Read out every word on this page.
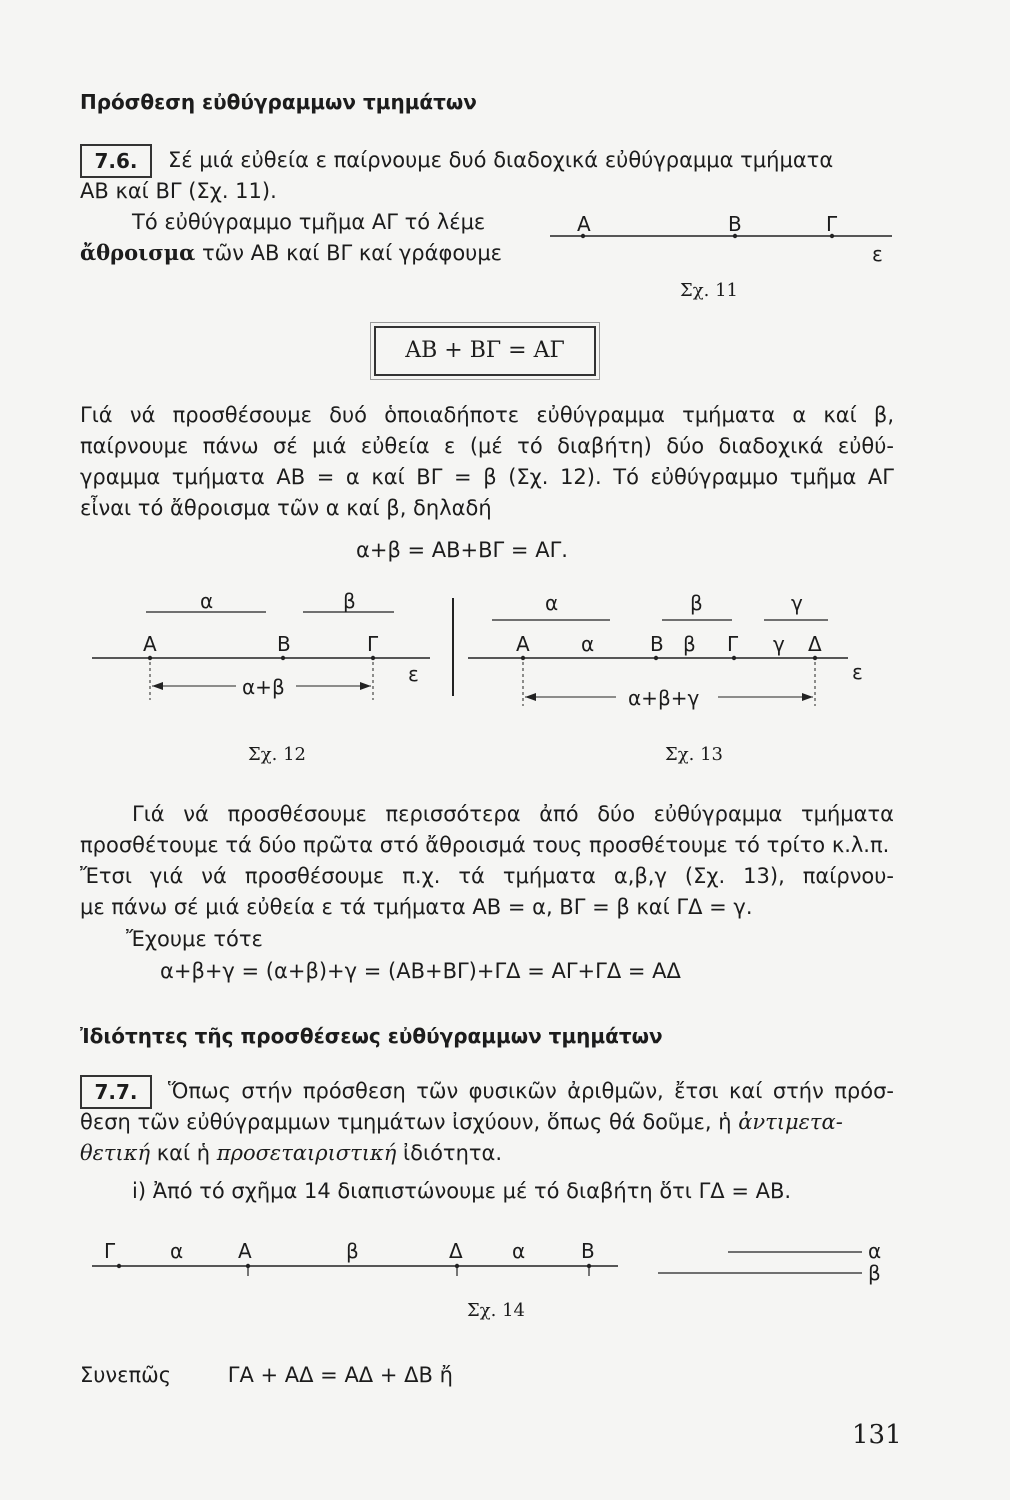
Πρόσθεση εὐθύγραμμων τμημάτων
7.6.	Σέ μιά εὐθεία ε παίρνουμε δυό διαδοχικά εὐθύγραμμα τμήματα
ΑΒ καί ΒΓ (Σχ. 11).
Τό εὐθύγραμμο τμῆμα ΑΓ τό λέμε
ἄθροισμα τῶν ΑΒ καί ΒΓ καί γράφουμε
Α	Β	Γ
ε
Σχ. 11
ΑΒ + ΒΓ = ΑΓ
Γιά νά προσθέσουμε δυό ὁποιαδήποτε εὐθύγραμμα τμήματα α καί β,
παίρνουμε πάνω σέ μιά εὐθεία ε (μέ τό διαβήτη) δύο διαδοχικά εὐθύ-
γραμμα τμήματα ΑΒ = α καί ΒΓ = β (Σχ. 12). Τό εὐθύγραμμο τμῆμα ΑΓ
εἶναι τό ἄθροισμα τῶν α καί β, δηλαδή
α+β = ΑΒ+ΒΓ = ΑΓ.
α	β
Α	Β	Γ
ε
α+β
Σχ. 12
α	β	γ
Α	α	Β β Γ γ Δ
ε
α+β+γ
Σχ. 13
Γιά νά προσθέσουμε περισσότερα ἀπό δύο εὐθύγραμμα τμήματα
προσθέτουμε τά δύο πρῶτα στό ἄθροισμά τους προσθέτουμε τό τρίτο κ.λ.π.
Ἔτσι γιά νά προσθέσουμε π.χ. τά τμήματα α,β,γ (Σχ. 13), παίρνου-
με πάνω σέ μιά εὐθεία ε τά τμήματα ΑΒ = α, ΒΓ = β καί ΓΔ = γ.
Ἔχουμε τότε
α+β+γ = (α+β)+γ = (ΑΒ+ΒΓ)+ΓΔ = ΑΓ+ΓΔ = ΑΔ
Ἰδιότητες τῆς προσθέσεως εὐθύγραμμων τμημάτων
7.7.	Ὅπως στήν πρόσθεση τῶν φυσικῶν ἀριθμῶν, ἔτσι καί στήν πρόσ-
θεση τῶν εὐθύγραμμων τμημάτων ἰσχύουν, ὅπως θά δοῦμε, ἡ ἀντιμετα-
θετική καί ἡ προσεταιριστική ἰδιότητα.
i) Ἀπό τό σχῆμα 14 διαπιστώνουμε μέ τό διαβήτη ὅτι ΓΔ = ΑΒ.
Γ	α	Α	β	Δ α	Β	α
β
Σχ. 14
Συνεπῶς	ΓΑ + ΑΔ = ΑΔ + ΔΒ ἤ
131
